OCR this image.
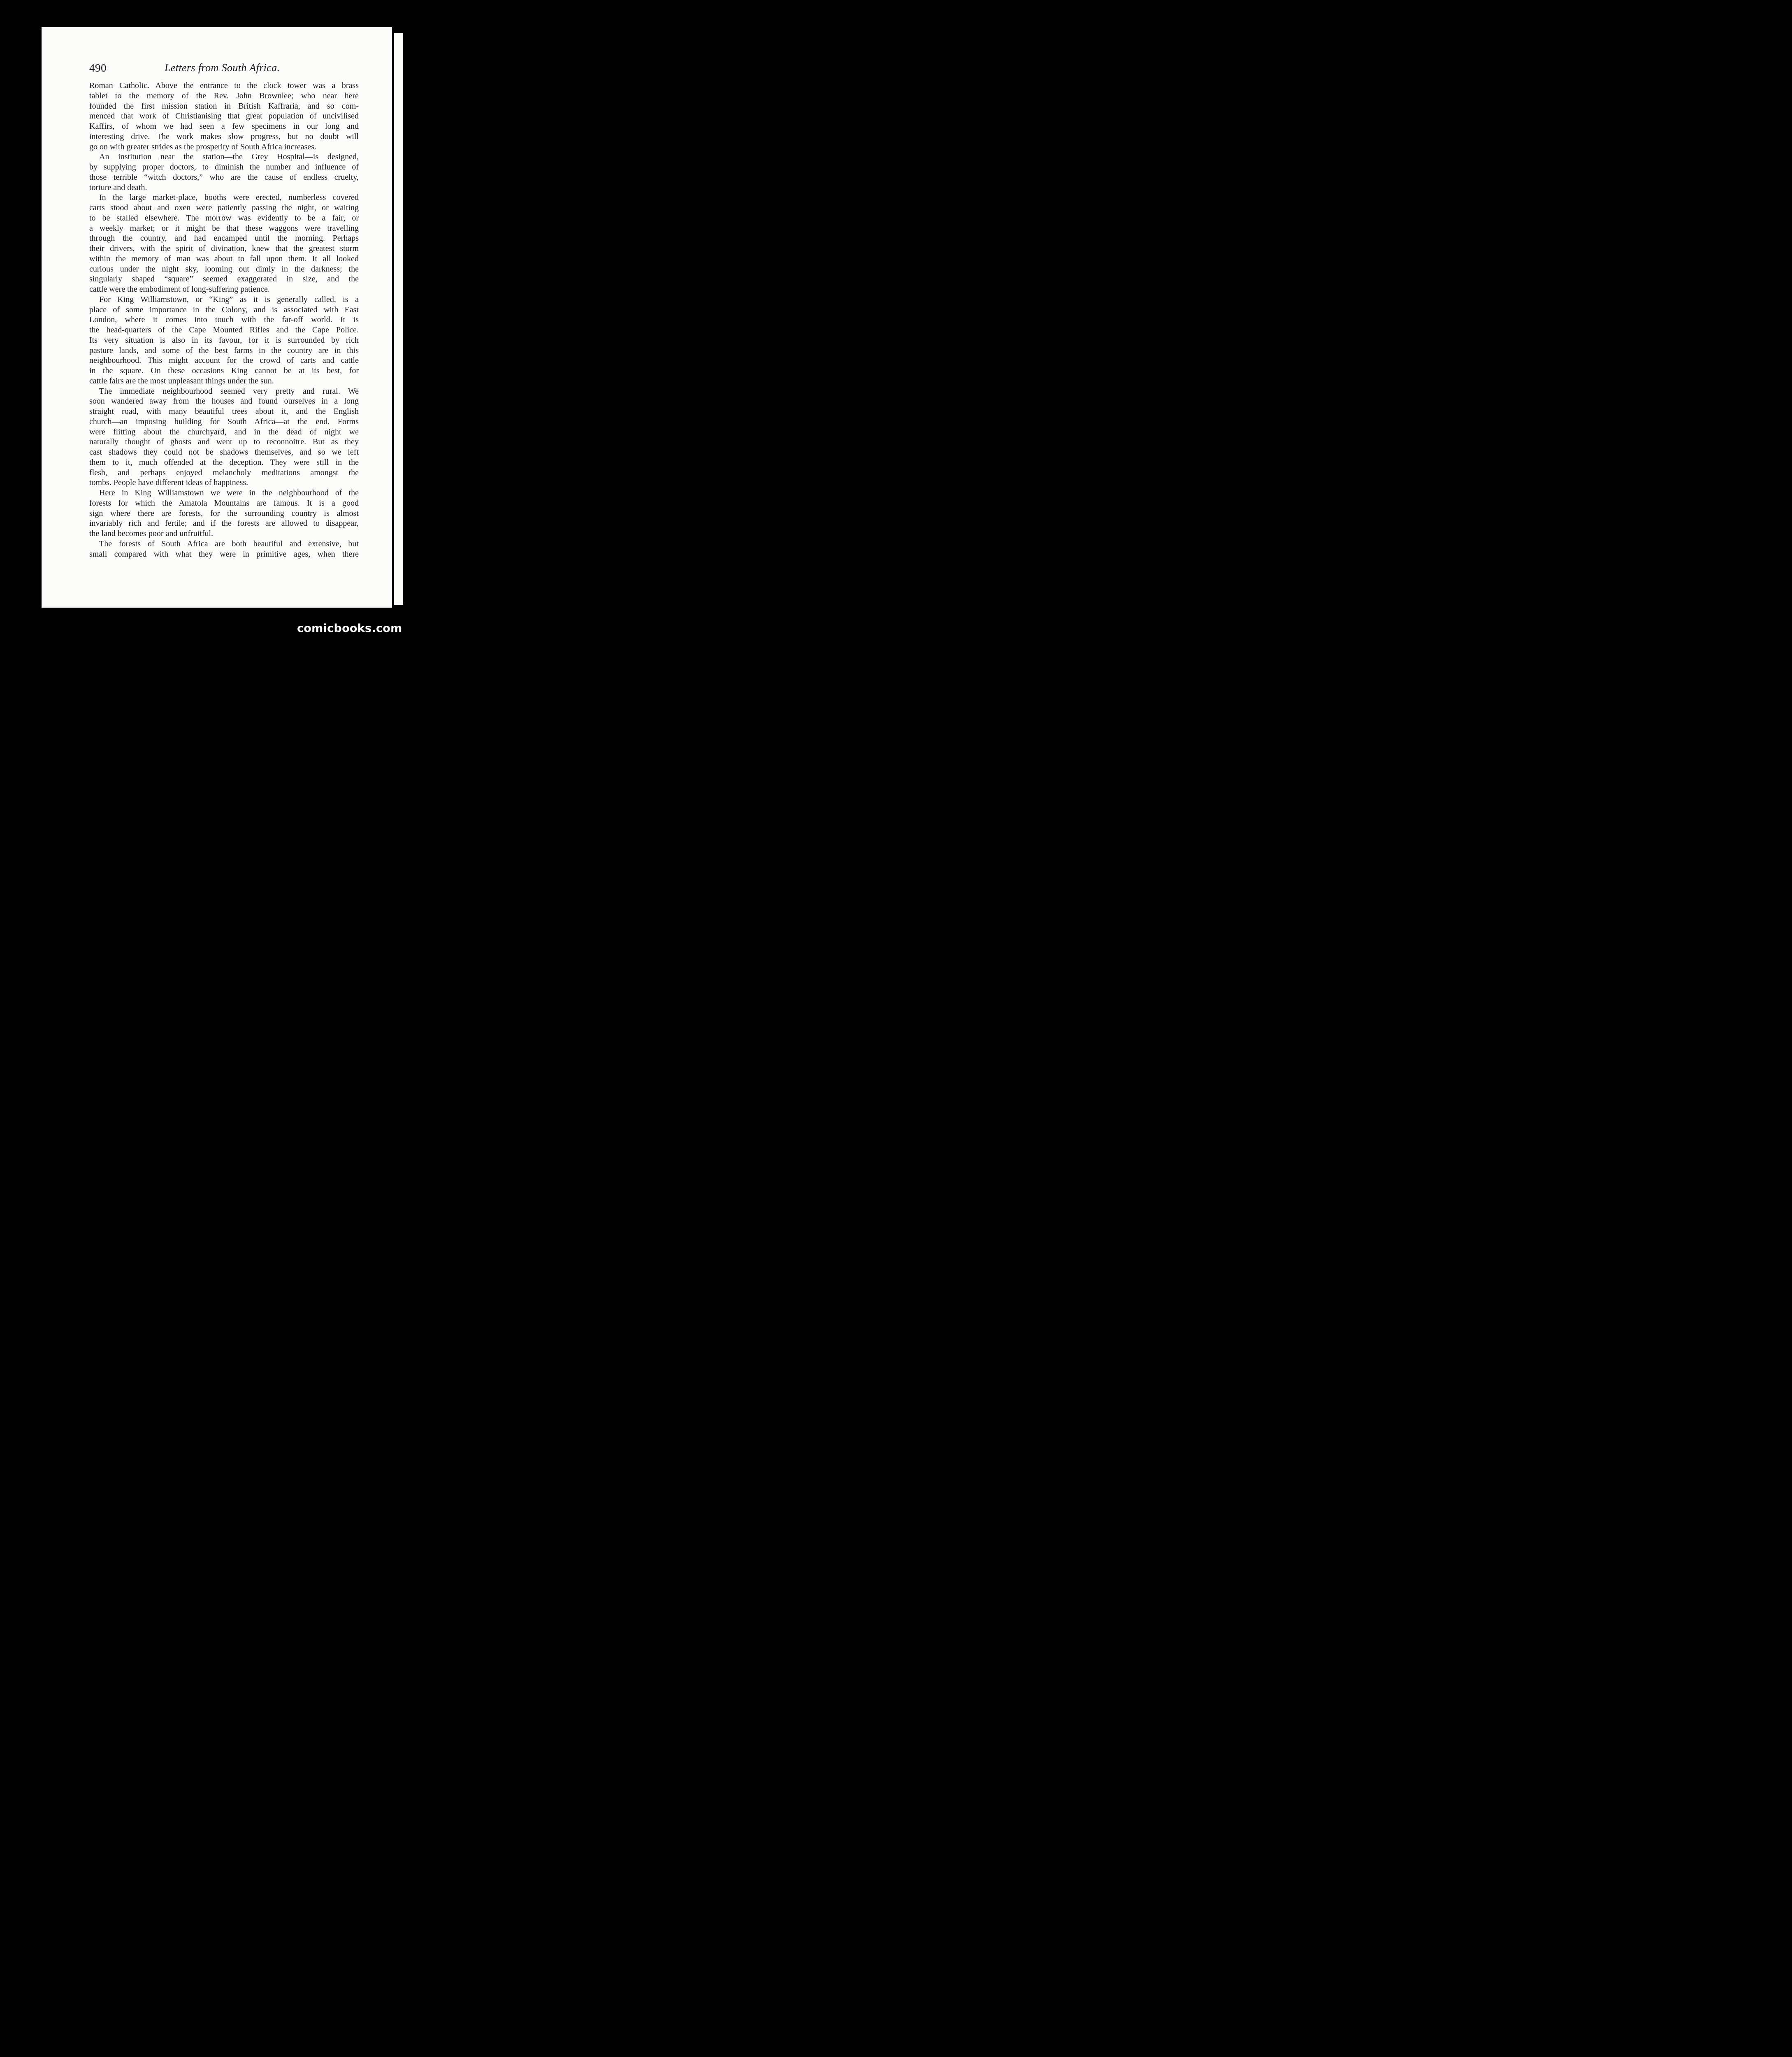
490	Letters from South Africa.
Roman Catholic. Above the entrance to the clock tower was a brass
tablet to the memory of the Rev. John Brownlee; who near here
founded the first mission station in British Kaffraria, and so com-
menced that work of Christianising that great population of uncivilised
Kaffirs, of whom we had seen a few specimens in our long and
interesting drive. The work makes slow progress, but no doubt will
go on with greater strides as the prosperity of South Africa increases.
An institution near the station—the Grey Hospital—is designed,
by supplying proper doctors, to diminish the number and influence of
those terrible “witch doctors,” who are the cause of endless cruelty,
torture and death.
In the large market-place, booths were erected, numberless covered
carts stood about and oxen were patiently passing the night, or waiting
to be stalled elsewhere. The morrow was evidently to be a fair, or
a weekly market; or it might be that these waggons were travelling
through the country, and had encamped until the morning. Perhaps
their drivers, with the spirit of divination, knew that the greatest storm
within the memory of man was about to fall upon them. It all looked
curious under the night sky, looming out dimly in the darkness; the
singularly shaped “square” seemed exaggerated in size, and the
cattle were the embodiment of long-suffering patience.
For King Williamstown, or “King” as it is generally called, is a
place of some importance in the Colony, and is associated with East
London, where it comes into touch with the far-off world. It is
the head-quarters of the Cape Mounted Rifles and the Cape Police.
Its very situation is also in its favour, for it is surrounded by rich
pasture lands, and some of the best farms in the country are in this
neighbourhood. This might account for the crowd of carts and cattle
in the square. On these occasions King cannot be at its best, for
cattle fairs are the most unpleasant things under the sun.
The immediate neighbourhood seemed very pretty and rural. We
soon wandered away from the houses and found ourselves in a long
straight road, with many beautiful trees about it, and the English
church—an imposing building for South Africa—at the end. Forms
were flitting about the churchyard, and in the dead of night we
naturally thought of ghosts and went up to reconnoitre. But as they
cast shadows they could not be shadows themselves, and so we left
them to it, much offended at the deception. They were still in the
flesh, and perhaps enjoyed melancholy meditations amongst the
tombs. People have different ideas of happiness.
Here in King Williamstown we were in the neighbourhood of the
forests for which the Amatola Mountains are famous. It is a good
sign where there are forests, for the surrounding country is almost
invariably rich and fertile; and if the forests are allowed to disappear,
the land becomes poor and unfruitful.
The forests of South Africa are both beautiful and extensive, but
small compared with what they were in primitive ages, when there
comicbooks.com
